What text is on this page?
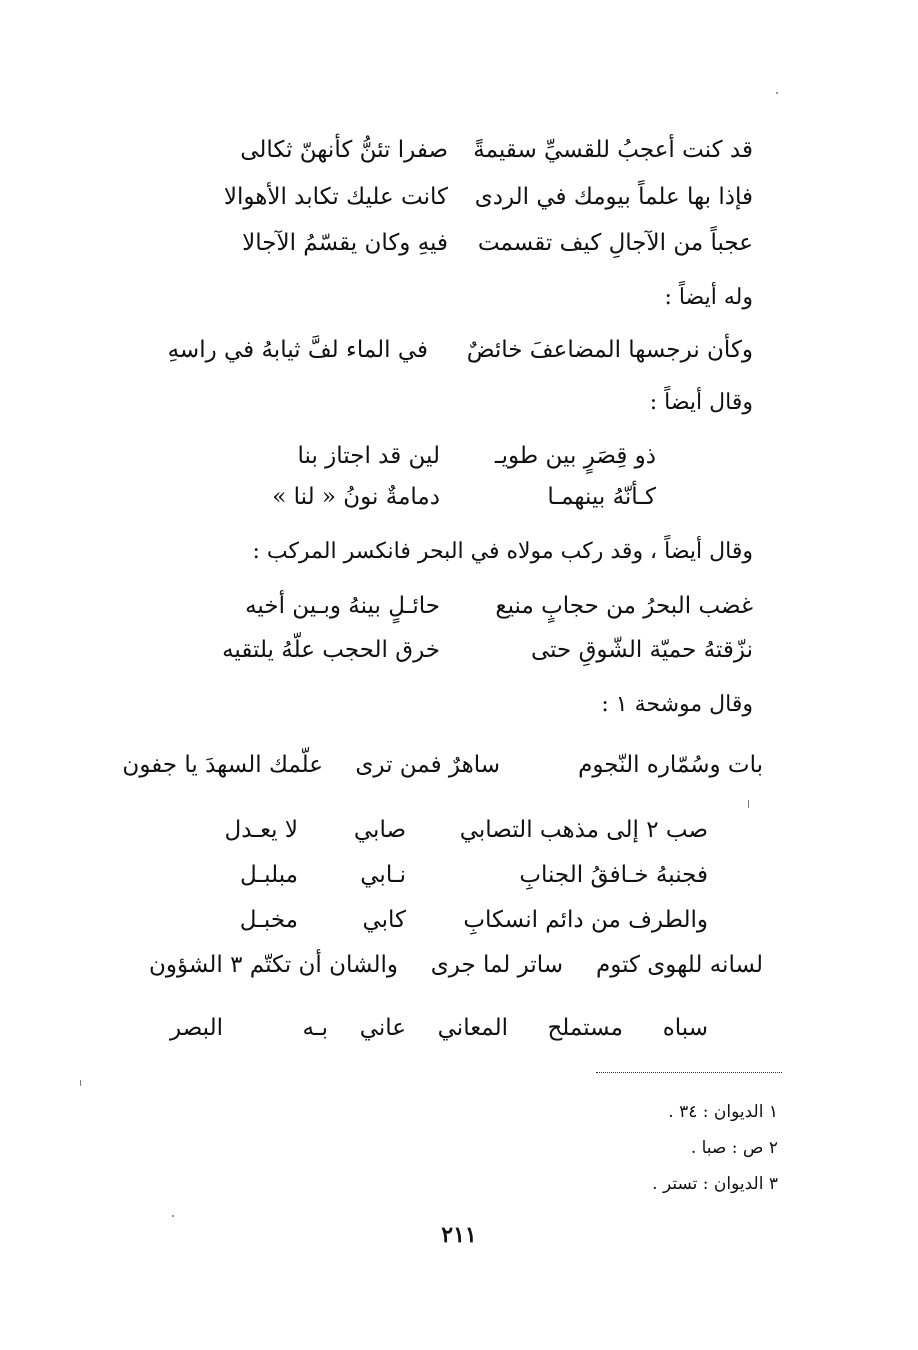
قد كنت أعجبُ للقسيِّ سقيمةً
صفرا تئنُّ كأنهنّ ثكالى
فإذا بها علماً بيومك في الردى
كانت عليك تكابد الأهوالا
عجباً من الآجالِ كيف تقسمت
فيهِ وكان يقسّمُ الآجالا
وله أيضاً :
وكأن نرجسها المضاعفَ خائضٌ
في الماء لفَّ ثيابهُ في راسهِ
وقال أيضاً :
ذو قِصَرٍ بين طويـ
لين قد اجتاز بنا
كـأنّهُ بينهمـا
دمامةٌ نونُ « لنا »
وقال أيضاً ، وقد ركب مولاه في البحر فانكسر المركب :
غضب البحرُ من حجابٍ منيع
حائـلٍ بينهُ وبـين أخيه
نزّقتهُ حميّة الشّوقِ حتى
خرق الحجب علّهُ يلتقيه
وقال موشحة ١ :
بات وسُمّاره النّجوم
ساهرٌ فمن ترى
علّمك السهدَ يا جفون
صب ٢ إلى مذهب التصابي
صابي
لا يعـدل
فجنبهُ خـافقُ الجنابِ
نـابي
مبلبـل
والطرف من دائم انسكابِ
كابي
مخبـل
لسانه للهوى كتوم
ساتر لما جرى
والشان أن تكتّم ٣ الشؤون
سباه
مستملح
المعاني
عاني
بـه
البصر
١ الديوان : ٣٤ .
٢ ص : صبا .
٣ الديوان : تستر .
٢١١
